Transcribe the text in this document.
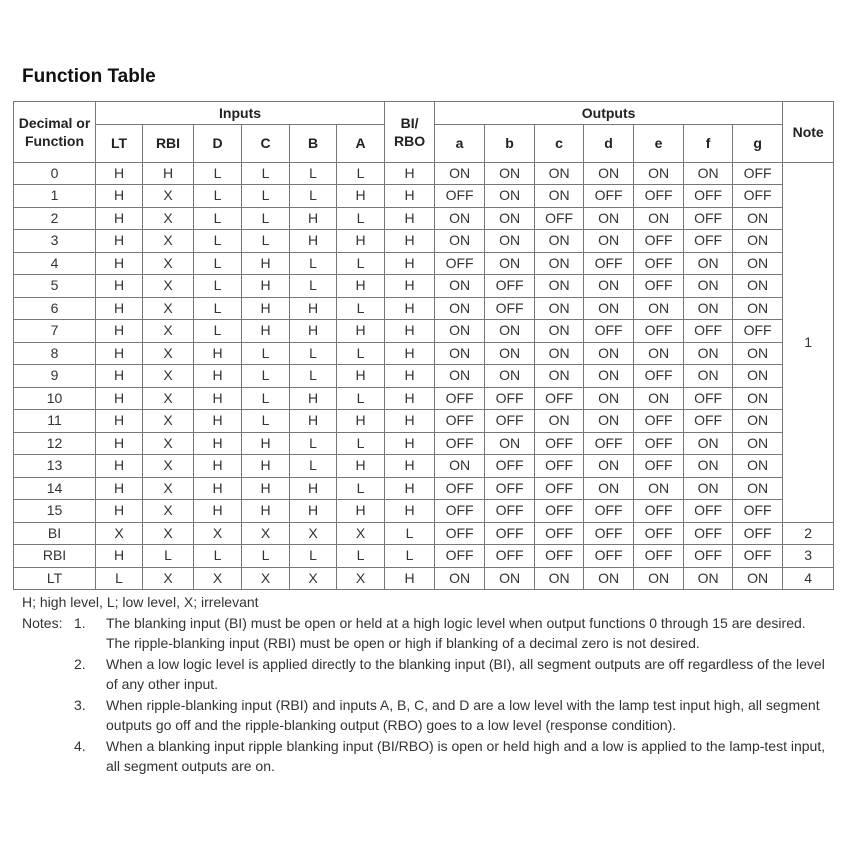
Function Table
Decimal or Function	Inputs						BI/ RBO	Outputs							Note
	LT	RBI	D	C	B	A		a	b	c	d	e	f	g	
0	H	H	L	L	L	L	H	ON	ON	ON	ON	ON	ON	OFF	1
1	H	X	L	L	L	H	H	OFF	ON	ON	OFF	OFF	OFF	OFF	
2	H	X	L	L	H	L	H	ON	ON	OFF	ON	ON	OFF	ON	
3	H	X	L	L	H	H	H	ON	ON	ON	ON	OFF	OFF	ON	
4	H	X	L	H	L	L	H	OFF	ON	ON	OFF	OFF	ON	ON	
5	H	X	L	H	L	H	H	ON	OFF	ON	ON	OFF	ON	ON	
6	H	X	L	H	H	L	H	ON	OFF	ON	ON	ON	ON	ON	
7	H	X	L	H	H	H	H	ON	ON	ON	OFF	OFF	OFF	OFF	
8	H	X	H	L	L	L	H	ON	ON	ON	ON	ON	ON	ON	
9	H	X	H	L	L	H	H	ON	ON	ON	ON	OFF	ON	ON	
10	H	X	H	L	H	L	H	OFF	OFF	OFF	ON	ON	OFF	ON	
11	H	X	H	L	H	H	H	OFF	OFF	ON	ON	OFF	OFF	ON	
12	H	X	H	H	L	L	H	OFF	ON	OFF	OFF	OFF	ON	ON	
13	H	X	H	H	L	H	H	ON	OFF	OFF	ON	OFF	ON	ON	
14	H	X	H	H	H	L	H	OFF	OFF	OFF	ON	ON	ON	ON	
15	H	X	H	H	H	H	H	OFF	OFF	OFF	OFF	OFF	OFF	OFF	
BI	X	X	X	X	X	X	L	OFF	OFF	OFF	OFF	OFF	OFF	OFF	2
RBI	H	L	L	L	L	L	L	OFF	OFF	OFF	OFF	OFF	OFF	OFF	3
LT	L	X	X	X	X	X	H	ON	ON	ON	ON	ON	ON	ON	4
H; high level, L; low level, X; irrelevant
Notes: 1.	The blanking input (BI) must be open or held at a high logic level when output functions 0 through 15 are desired. The ripple-blanking input (RBI) must be open or high if blanking of a decimal zero is not desired.
2.	When a low logic level is applied directly to the blanking input (BI), all segment outputs are off regardless of the level of any other input.
3.	When ripple-blanking input (RBI) and inputs A, B, C, and D are a low level with the lamp test input high, all segment outputs go off and the ripple-blanking output (RBO) goes to a low level (response condition).
4.	When a blanking input ripple blanking input (BI/RBO) is open or held high and a low is applied to the lamp-test input, all segment outputs are on.
